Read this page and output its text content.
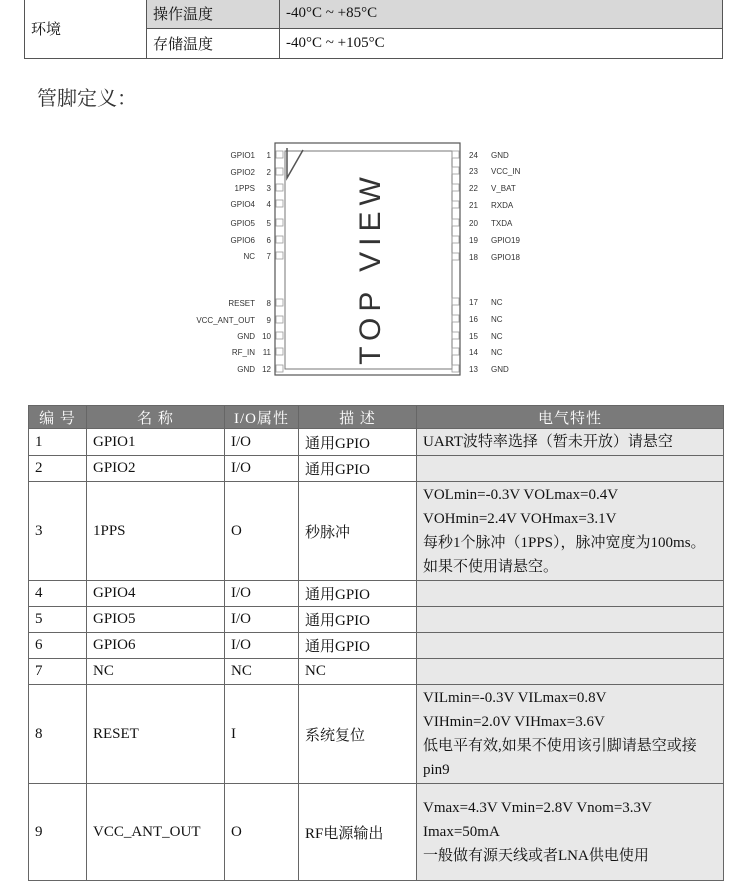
环境	操作温度	-40°C ~ +85°C
	存储温度	-40°C ~ +105°C
管脚定义：
TOP VIEW
GPIO1 1
GPIO2 2
1PPS 3
GPIO4 4
GPIO5 5
GPIO6 6
NC 7
RESET 8
VCC_ANT_OUT 9
GND 10
RF_IN 11
GND 12
24 GND
23 VCC_IN
22 V_BAT
21 RXDA
20 TXDA
19 GPIO19
18 GPIO18
17 NC
16 NC
15 NC
14 NC
13 GND
编 号	名 称	I/O属性	描 述	电气特性
1	GPIO1	I/O	通用GPIO	UART波特率选择（暂未开放）请悬空

2	GPIO2	I/O	通用GPIO	
3	1PPS	O	秒脉冲	VOLmin=-0.3V VOLmax=0.4V
VOHmin=2.4V VOHmax=3.1V
每秒1个脉冲（1PPS），脉冲宽度为100ms。
如果不使用请悬空。

4	GPIO4	I/O	通用GPIO	
5	GPIO5	I/O	通用GPIO	
6	GPIO6	I/O	通用GPIO	
7	NC	NC	NC	
8	RESET	I	系统复位	VILmin=-0.3V VILmax=0.8V
VIHmin=2.0V VIHmax=3.6V
低电平有效,如果不使用该引脚请悬空或接
pin9

9	VCC_ANT_OUT	O	RF电源输出	Vmax=4.3V Vmin=2.8V Vnom=3.3V
Imax=50mA
一般做有源天线或者LNA供电使用
